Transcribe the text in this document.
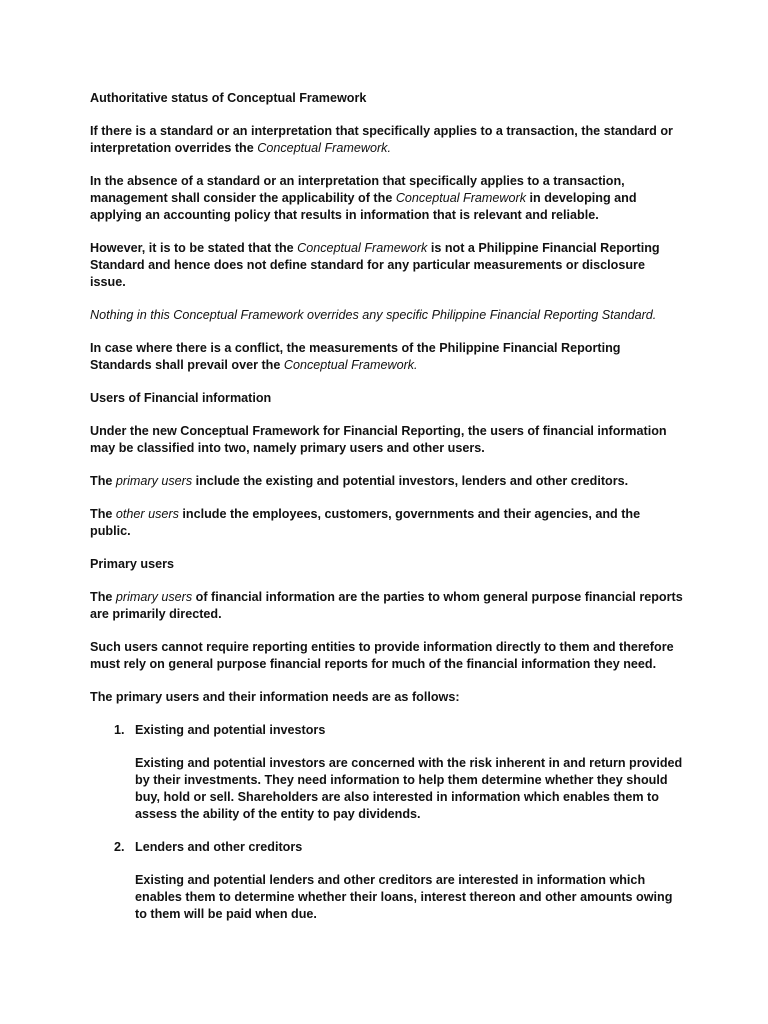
Authoritative status of Conceptual Framework

If there is a standard or an interpretation that specifically applies to a transaction, the standard or interpretation overrides the Conceptual Framework.

In the absence of a standard or an interpretation that specifically applies to a transaction, management shall consider the applicability of the Conceptual Framework in developing and applying an accounting policy that results in information that is relevant and reliable.

However, it is to be stated that the Conceptual Framework is not a Philippine Financial Reporting Standard and hence does not define standard for any particular measurements or disclosure issue.

Nothing in this Conceptual Framework overrides any specific Philippine Financial Reporting Standard.

In case where there is a conflict, the measurements of the Philippine Financial Reporting Standards shall prevail over the Conceptual Framework.

Users of Financial information

Under the new Conceptual Framework for Financial Reporting, the users of financial information may be classified into two, namely primary users and other users.

The primary users include the existing and potential investors, lenders and other creditors.

The other users include the employees, customers, governments and their agencies, and the public.

Primary users

The primary users of financial information are the parties to whom general purpose financial reports are primarily directed.

Such users cannot require reporting entities to provide information directly to them and therefore must rely on general purpose financial reports for much of the financial information they need.

The primary users and their information needs are as follows:

1. Existing and potential investors

Existing and potential investors are concerned with the risk inherent in and return provided by their investments. They need information to help them determine whether they should buy, hold or sell. Shareholders are also interested in information which enables them to assess the ability of the entity to pay dividends.

2. Lenders and other creditors

Existing and potential lenders and other creditors are interested in information which enables them to determine whether their loans, interest thereon and other amounts owing to them will be paid when due.
